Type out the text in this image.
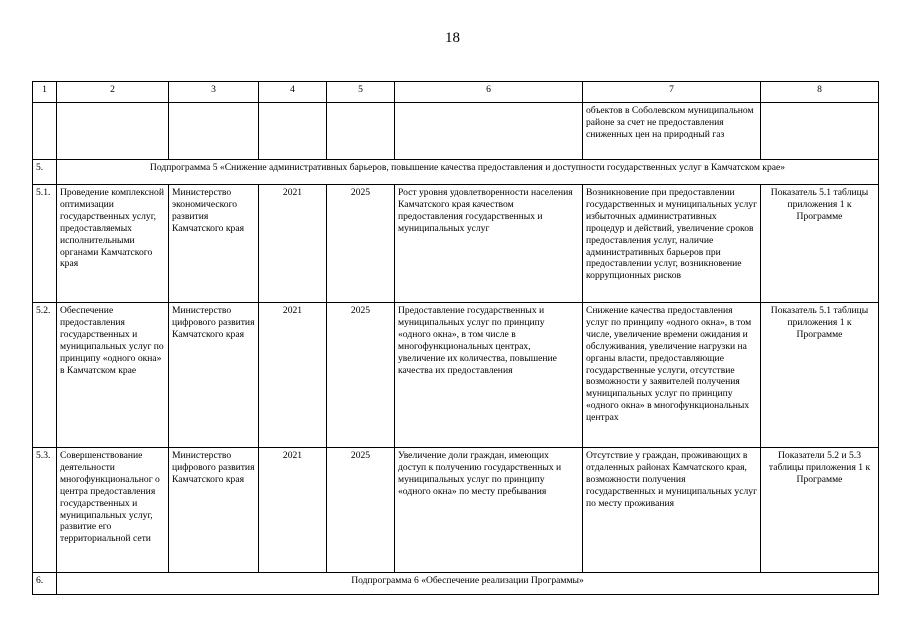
18
1	2	3	4	5	6	7	8
						объектов в Соболевском муниципальном районе за счет не предоставления сниженных цен на природный газ	
5.	Подпрограмма 5 «Снижение административных барьеров, повышение качества предоставления и доступности государственных услуг в Камчатском крае»						
5.1.	Проведение комплексной оптимизации государственных услуг, предоставляемых исполнительными органами Камчатского края	Министерство экономического развития Камчатского края	2021	2025	Рост уровня удовлетворенности населения Камчатского края качеством предоставления государственных и муниципальных услуг	Возникновение при предоставлении государственных и муниципальных услуг избыточных административных процедур и действий, увеличение сроков предоставления услуг, наличие административных барьеров при предоставлении услуг, возникновение коррупционных рисков	Показатель 5.1 таблицы приложения 1 к Программе
5.2.	Обеспечение предоставления государственных и муниципальных услуг по принципу «одного окна» в Камчатском крае	Министерство цифрового развития Камчатского края	2021	2025	Предоставление государственных и муниципальных услуг по принципу «одного окна», в том числе в многофункциональных центрах, увеличение их количества, повышение качества их предоставления	Снижение качества предоставления услуг по принципу «одного окна», в том числе, увеличение времени ожидания и обслуживания, увеличение нагрузки на органы власти, предоставляющие государственные услуги, отсутствие возможности у заявителей получения муниципальных услуг по принципу «одного окна» в многофункциональных центрах	Показатель 5.1 таблицы приложения 1 к Программе
5.3.	Совершенствование деятельности многофункциональног о центра предоставления государственных и муниципальных услуг, развитие его территориальной сети	Министерство цифрового развития Камчатского края	2021	2025	Увеличение доли граждан, имеющих доступ к получению государственных и муниципальных услуг по принципу «одного окна» по месту пребывания	Отсутствие у граждан, проживающих в отдаленных районах Камчатского края, возможности получения государственных и муниципальных услуг по месту проживания	Показатели 5.2 и 5.3 таблицы приложения 1 к Программе
6.	Подпрограмма 6 «Обеспечение реализации Программы»						
